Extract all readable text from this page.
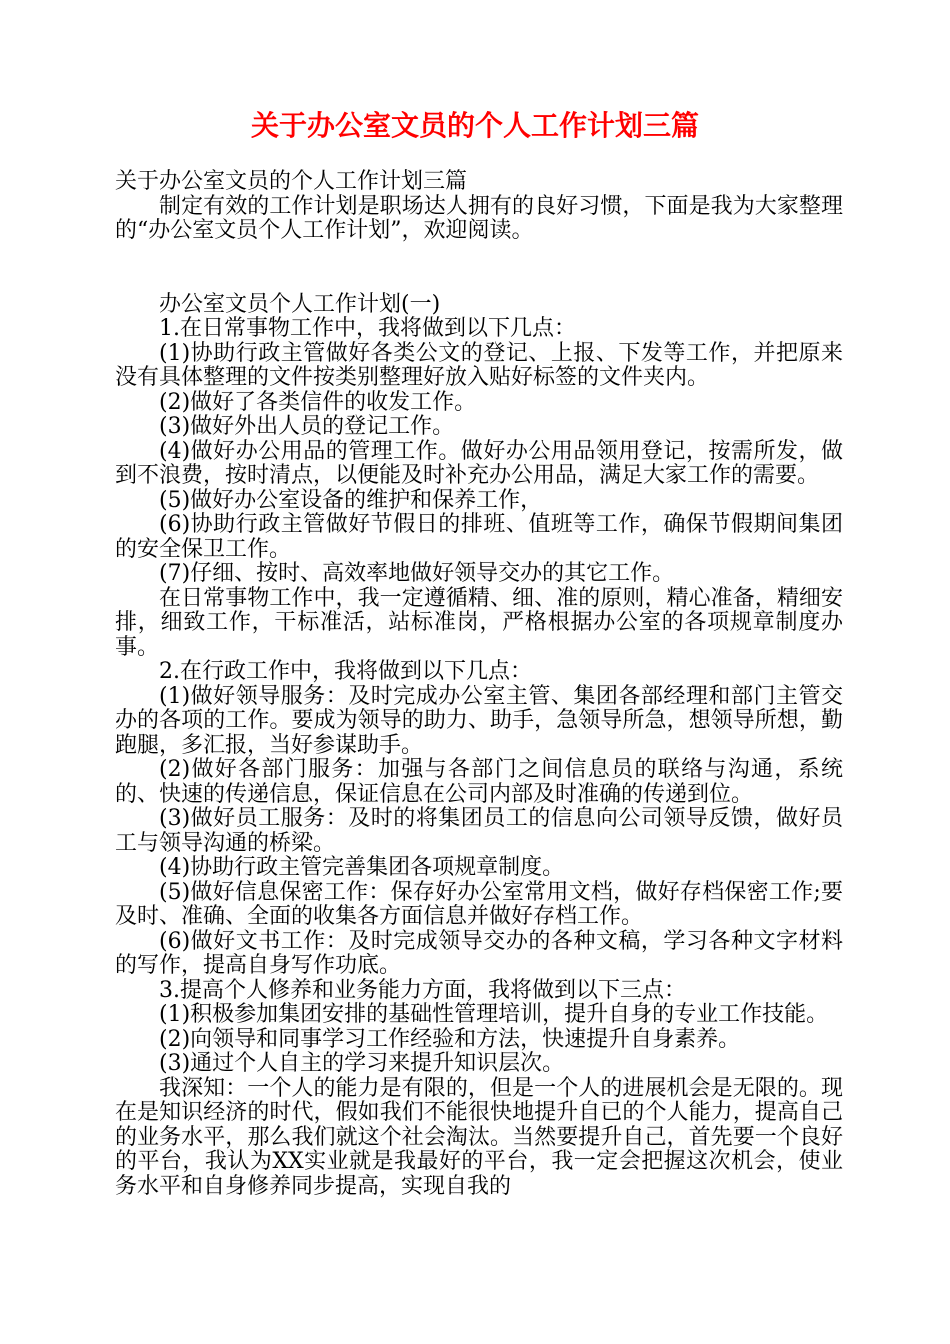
关于办公室文员的个人工作计划三篇

关于办公室文员的个人工作计划三篇

制定有效的工作计划是职场达人拥有的良好习惯，下面是我为大家整理的“办公室文员个人工作计划”，欢迎阅读。

办公室文员个人工作计划(一)

1.在日常事物工作中，我将做到以下几点：

(1)协助行政主管做好各类公文的登记、上报、下发等工作，并把原来没有具体整理的文件按类别整理好放入贴好标签的文件夹内。

(2)做好了各类信件的收发工作。

(3)做好外出人员的登记工作。

(4)做好办公用品的管理工作。做好办公用品领用登记，按需所发，做到不浪费，按时清点，以便能及时补充办公用品，满足大家工作的需要。

(5)做好办公室设备的维护和保养工作，

(6)协助行政主管做好节假日的排班、值班等工作，确保节假期间集团的安全保卫工作。

(7)仔细、按时、高效率地做好领导交办的其它工作。

在日常事物工作中，我一定遵循精、细、准的原则，精心准备，精细安排，细致工作，干标准活，站标准岗，严格根据办公室的各项规章制度办事。

2.在行政工作中，我将做到以下几点：

(1)做好领导服务：及时完成办公室主管、集团各部经理和部门主管交办的各项的工作。要成为领导的助力、助手，急领导所急，想领导所想，勤跑腿，多汇报，当好参谋助手。

(2)做好各部门服务：加强与各部门之间信息员的联络与沟通，系统的、快速的传递信息，保证信息在公司内部及时准确的传递到位。

(3)做好员工服务：及时的将集团员工的信息向公司领导反馈，做好员工与领导沟通的桥梁。

(4)协助行政主管完善集团各项规章制度。

(5)做好信息保密工作：保存好办公室常用文档，做好存档保密工作;要及时、准确、全面的收集各方面信息并做好存档工作。

(6)做好文书工作：及时完成领导交办的各种文稿，学习各种文字材料的写作，提高自身写作功底。

3.提高个人修养和业务能力方面，我将做到以下三点：

(1)积极参加集团安排的基础性管理培训，提升自身的专业工作技能。

(2)向领导和同事学习工作经验和方法，快速提升自身素养。

(3)通过个人自主的学习来提升知识层次。

我深知：一个人的能力是有限的，但是一个人的进展机会是无限的。现在是知识经济的时代，假如我们不能很快地提升自已的个人能力，提高自己的业务水平，那么我们就这个社会淘汰。当然要提升自己，首先要一个良好的平台，我认为XX实业就是我最好的平台，我一定会把握这次机会，使业务水平和自身修养同步提高，实现自我的
